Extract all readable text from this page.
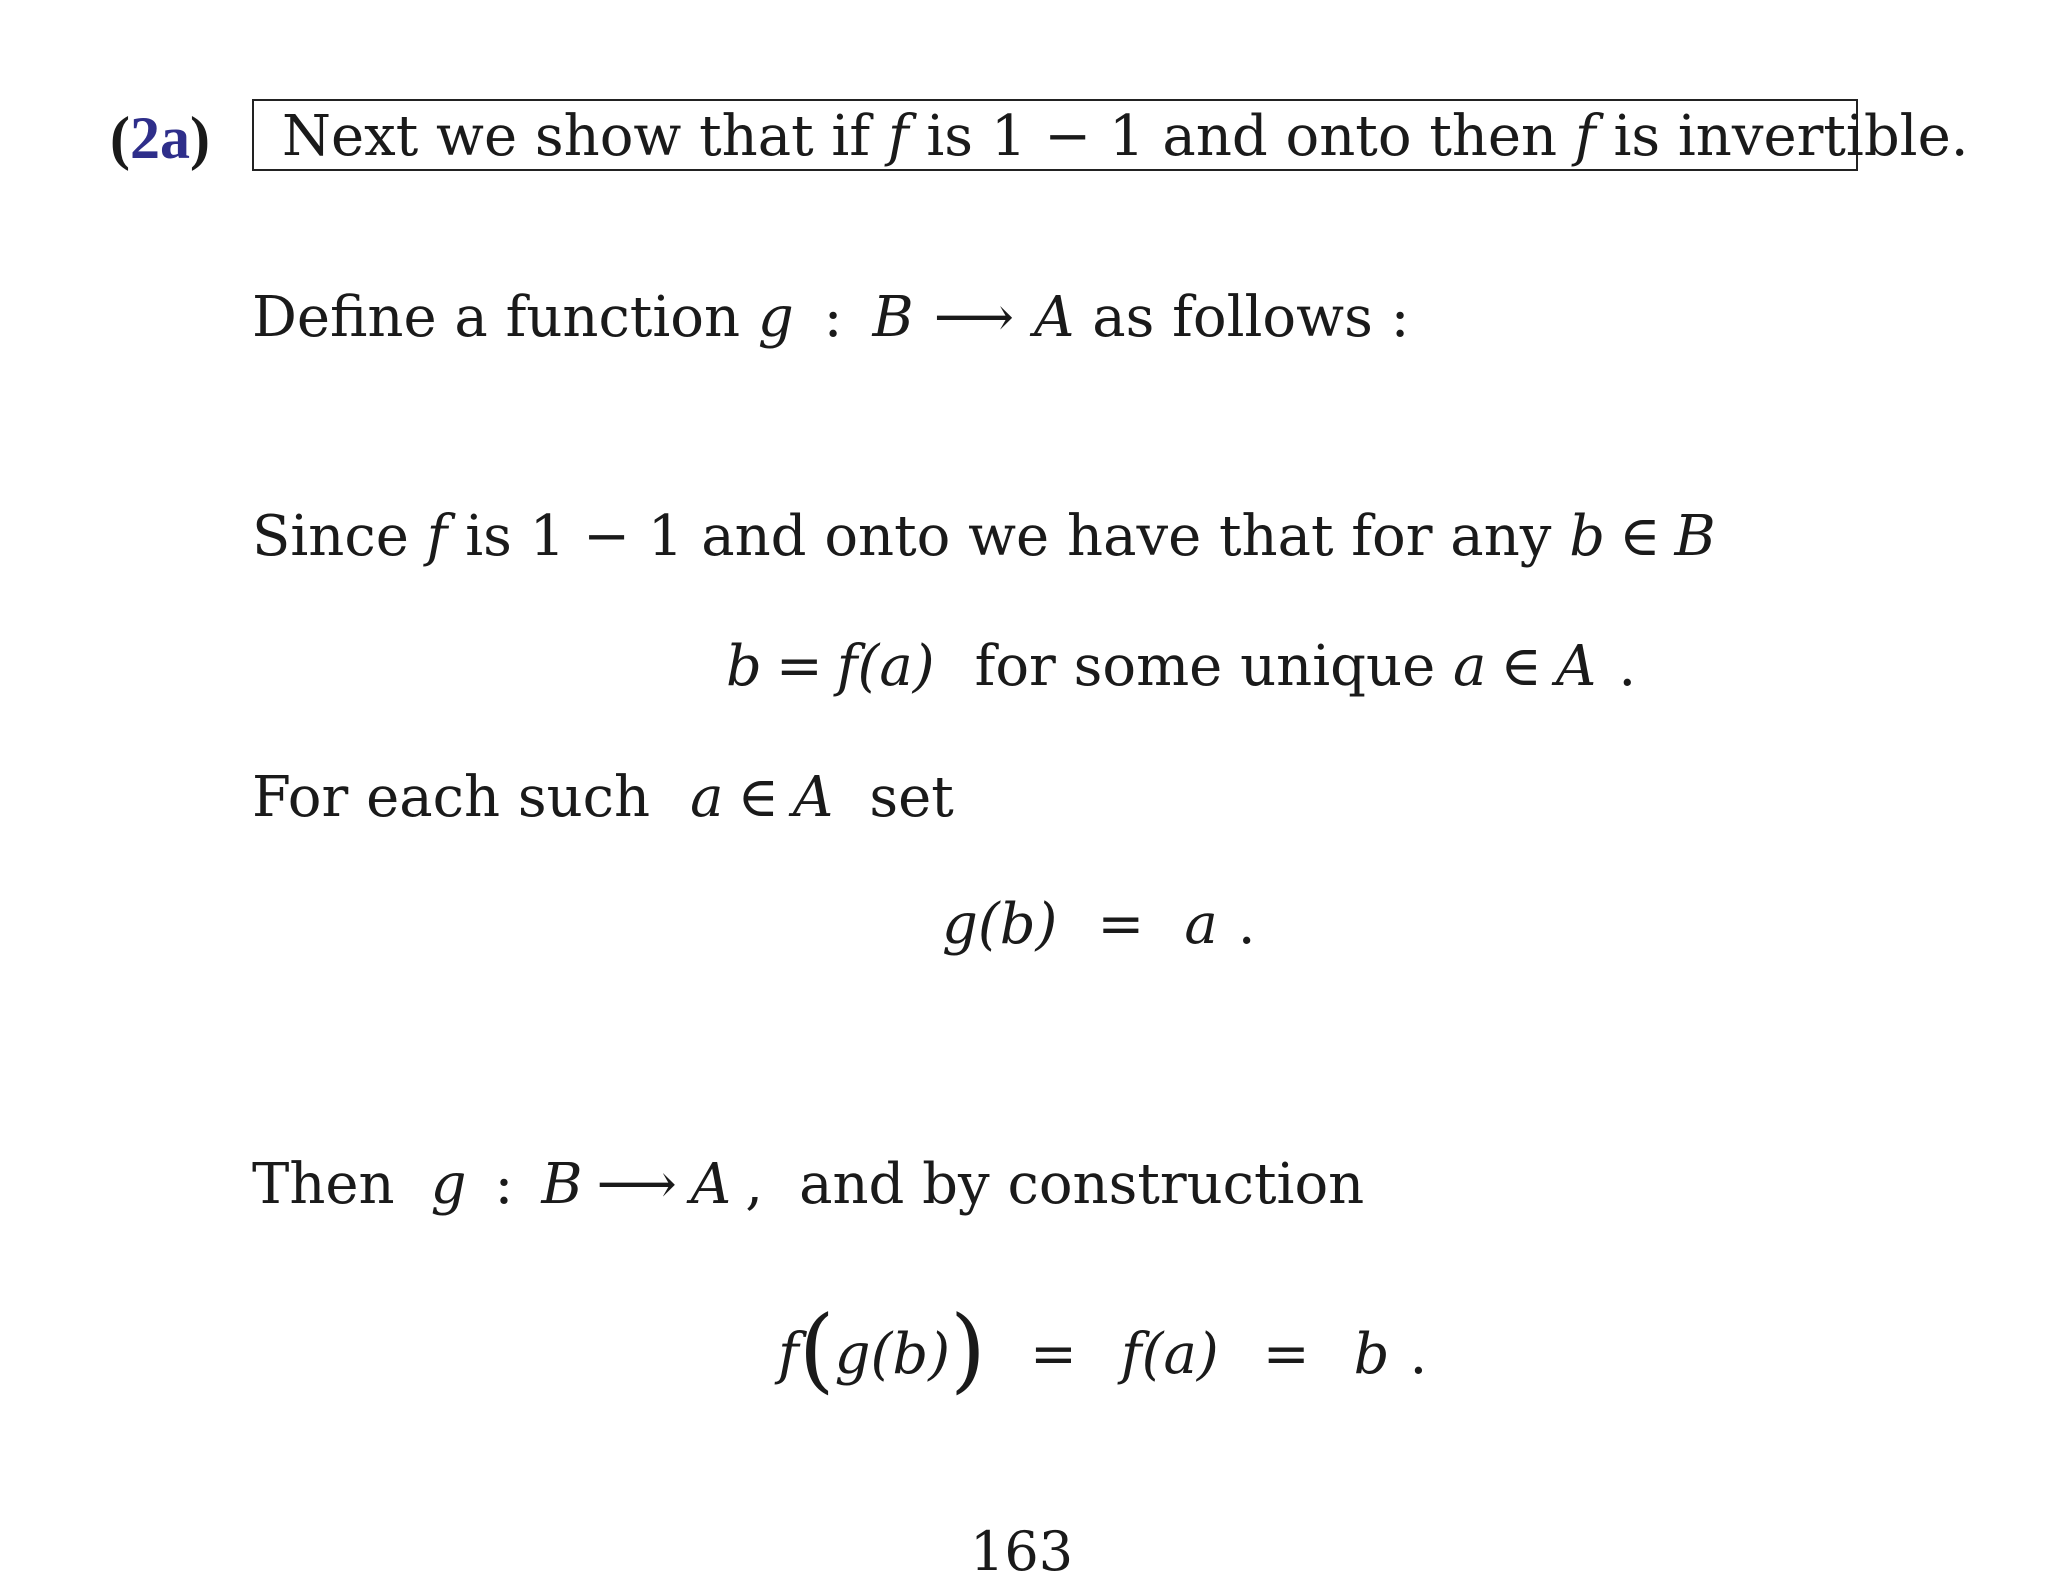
(2a) Next we show that if f is 1 − 1 and onto then f is invertible.
Define a function g : B ⟶ A as follows :
Since f is 1 − 1 and onto we have that for any b ∈ B
b = f(a) for some unique a ∈ A .
For each such a ∈ A set
g(b) = a .
Then g : B ⟶ A , and by construction
f(g(b)) = f(a) = b .
163
